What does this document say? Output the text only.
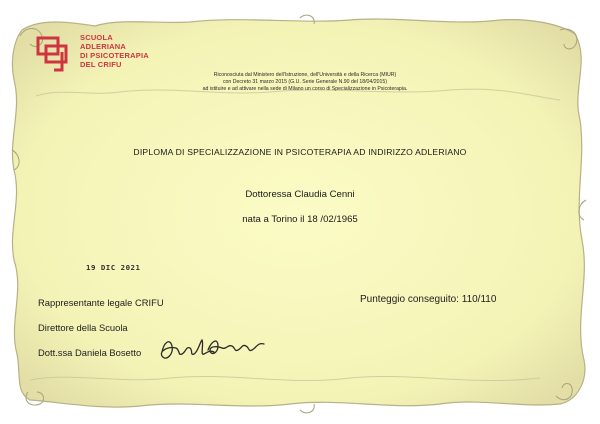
SCUOLA
ADLERIANA
DI PSICOTERAPIA
DEL CRIFU
Riconosciuta dal Ministero dell'Istruzione, dell'Università e della Ricerca (MIUR)
con Decreto 31 marzo 2015 (G.U. Serie Generale N.90 del 18/04/2015)
ad istituire e ad attivare nella sede di Milano un corso di Specializzazione in Psicoterapia.
DIPLOMA DI SPECIALIZZAZIONE IN PSICOTERAPIA AD INDIRIZZO ADLERIANO
Dottoressa Claudia Cenni
nata a Torino il 18 /02/1965
19 DIC 2021
Rappresentante legale CRIFU
Direttore della Scuola
Dott.ssa Daniela Bosetto
Punteggio conseguito: 110/110
